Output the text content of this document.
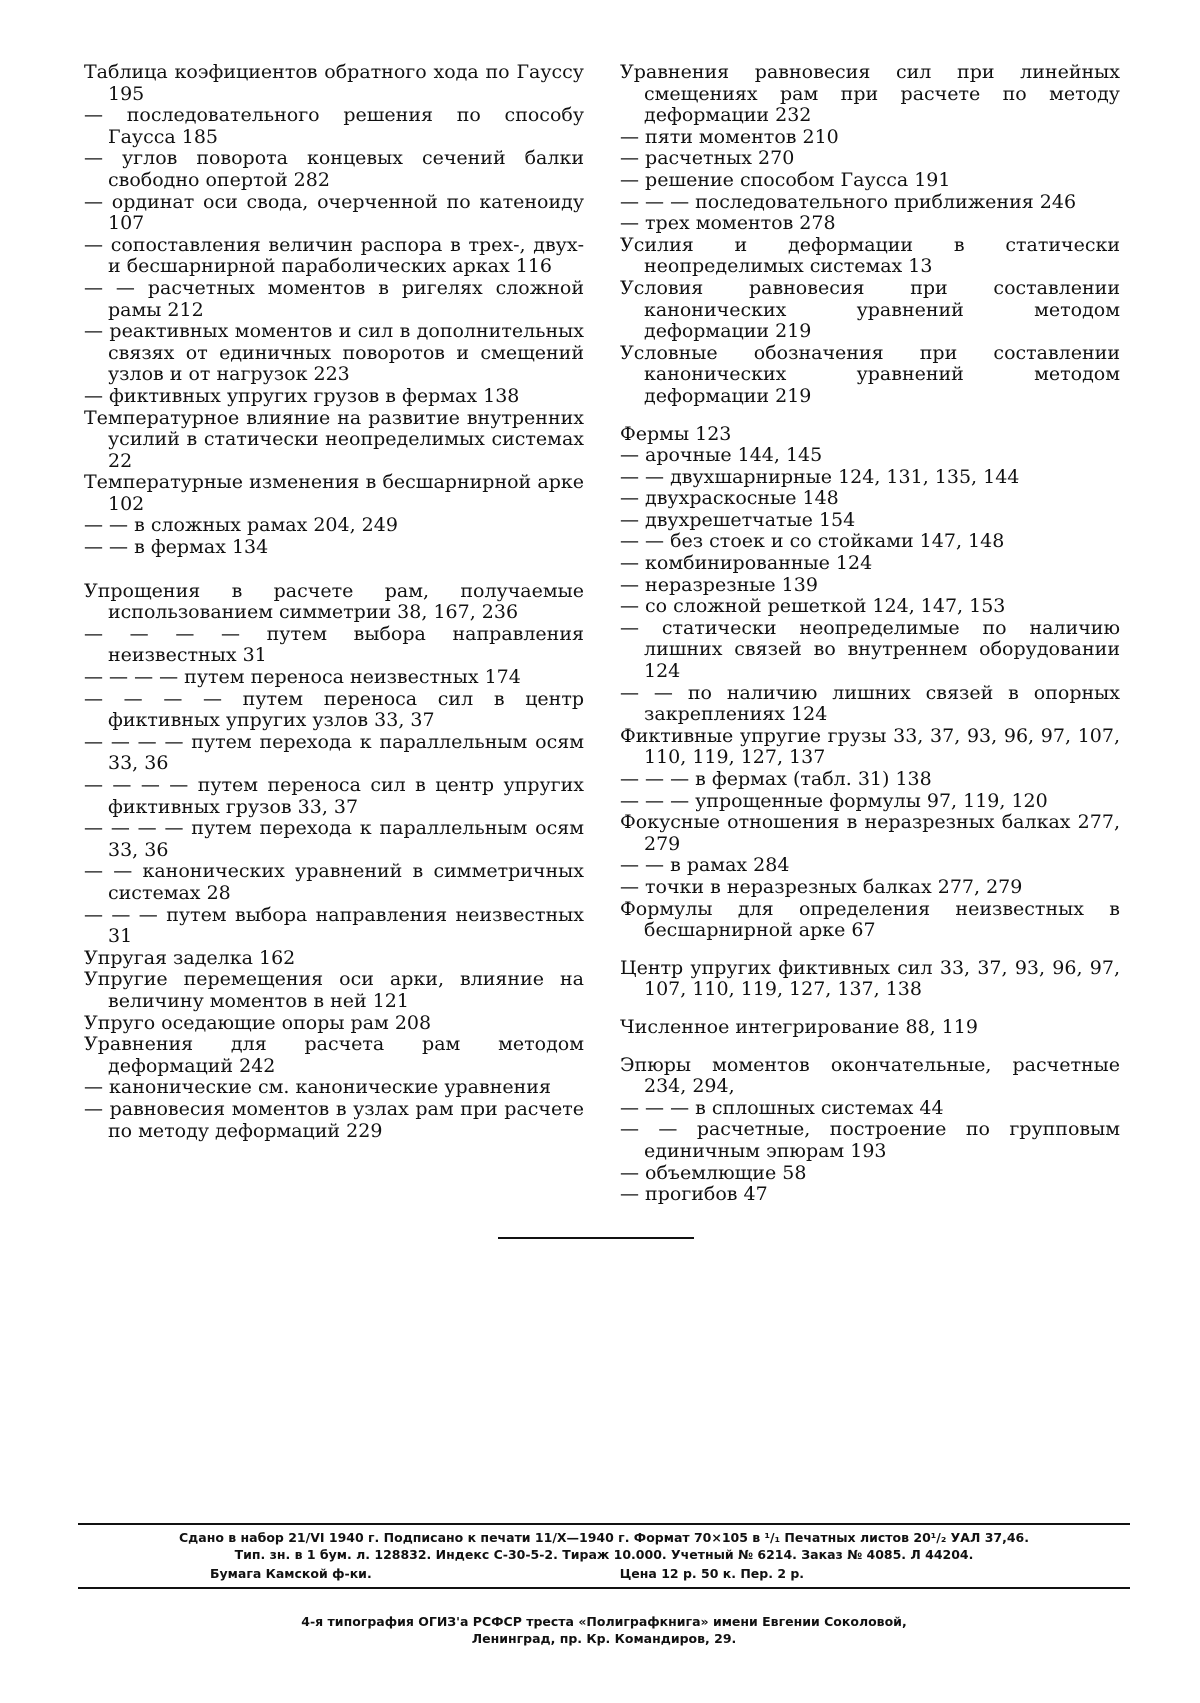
Таблица коэфициентов обратного хода по Гауссу 195

— последовательного решения по способу Гаусса 185

— углов поворота концевых сечений балки свободно опертой 282

— ординат оси свода, очерченной по катеноиду 107

— сопоставления величин распора в трех-, двух- и бесшарнирной параболических арках 116

— — расчетных моментов в ригелях сложной рамы 212

— реактивных моментов и сил в дополнительных связях от единичных поворотов и смещений узлов и от нагрузок 223

— фиктивных упругих грузов в фермах 138

Температурное влияние на развитие внутренних усилий в статически неопределимых системах 22

Температурные изменения в бесшарнирной арке 102

— — в сложных рамах 204, 249

— — в фермах 134

Упрощения в расчете рам, получаемые использованием симметрии 38, 167, 236

— — — — путем выбора направления неизвестных 31

— — — — путем переноса неизвестных 174

— — — — путем переноса сил в центр фиктивных упругих узлов 33, 37

— — — — путем перехода к параллельным осям 33, 36

— — — — путем переноса сил в центр упругих фиктивных грузов 33, 37

— — — — путем перехода к параллельным осям 33, 36

— — канонических уравнений в симметричных системах 28

— — — путем выбора направления неизвестных 31

Упругая заделка 162

Упругие перемещения оси арки, влияние на величину моментов в ней 121

Упруго оседающие опоры рам 208

Уравнения для расчета рам методом деформаций 242

— канонические см. канонические уравнения

— равновесия моментов в узлах рам при расчете по методу деформаций 229

Уравнения равновесия сил при линейных смещениях рам при расчете по методу деформации 232

— пяти моментов 210

— расчетных 270

— решение способом Гаусса 191

— — — последовательного приближения 246

— трех моментов 278

Усилия и деформации в статически неопределимых системах 13

Условия равновесия при составлении канонических уравнений методом деформации 219

Условные обозначения при составлении канонических уравнений методом деформации 219

Фермы 123

— арочные 144, 145

— — двухшарнирные 124, 131, 135, 144

— двухраскосные 148

— двухрешетчатые 154

— — без стоек и со стойками 147, 148

— комбинированные 124

— неразрезные 139

— со сложной решеткой 124, 147, 153

— статически неопределимые по наличию лишних связей во внутреннем оборудовании 124

— — по наличию лишних связей в опорных закреплениях 124

Фиктивные упругие грузы 33, 37, 93, 96, 97, 107, 110, 119, 127, 137

— — — в фермах (табл. 31) 138

— — — упрощенные формулы 97, 119, 120

Фокусные отношения в неразрезных балках 277, 279

— — в рамах 284

— точки в неразрезных балках 277, 279

Формулы для определения неизвестных в бесшарнирной арке 67

Центр упругих фиктивных сил 33, 37, 93, 96, 97, 107, 110, 119, 127, 137, 138

Численное интегрирование 88, 119

Эпюры моментов окончательные, расчетные 234, 294,

— — — в сплошных системах 44

— — расчетные, построение по групповым единичным эпюрам 193

— объемлющие 58

— прогибов 47

Сдано в набор 21/VI 1940 г. Подписано к печати 11/X—1940 г. Формат 70×105 в ¹/₁ Печатных листов 20¹/₂ УАЛ 37,46.
Тип. зн. в 1 бум. л. 128832. Индекс С-30-5-2. Тираж 10.000. Учетный № 6214. Заказ № 4085. Л 44204.
Бумага Камской ф-ки.	Цена 12 р. 50 к. Пер. 2 р.
4-я типография ОГИЗ'а РСФСР треста «Полиграфкнига» имени Евгении Соколовой,
Ленинград, пр. Кр. Командиров, 29.
